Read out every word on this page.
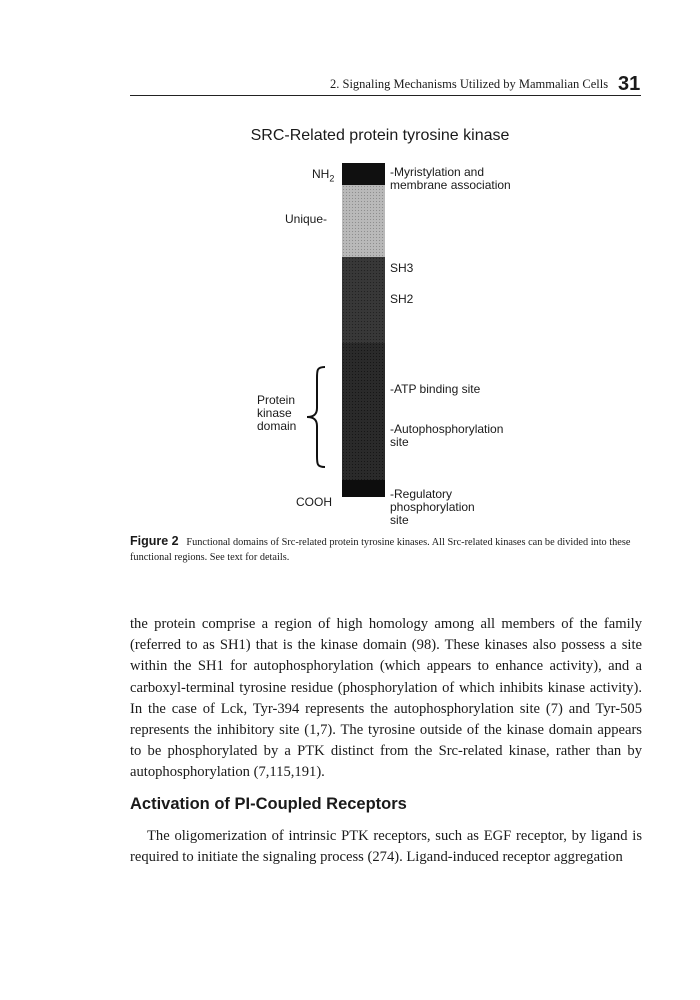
2. Signaling Mechanisms Utilized by Mammalian Cells 31
SRC-Related protein tyrosine kinase
$NH_2$
Unique-
-Myristylation and
membrane association
SH3
SH2
-ATP binding site
-Autophosphorylation
site
-Regulatory
phosphorylation
site
Protein
kinase
domain
COOH
Figure 2 Functional domains of Src-related protein tyrosine kinases. All Src-related kinases can be divided into these functional regions. See text for details.

the protein comprise a region of high homology among all members of the family (referred to as SH1) that is the kinase domain (98). These kinases also possess a site within the SH1 for autophosphorylation (which appears to enhance activity), and a carboxyl-terminal tyrosine residue (phosphorylation of which inhibits kinase activity). In the case of Lck, Tyr-394 represents the autophosphorylation site (7) and Tyr-505 represents the inhibitory site (1,7). The tyrosine outside of the kinase domain appears to be phosphorylated by a PTK distinct from the Src-related kinase, rather than by autophosphorylation (7,115,191).

Activation of PI-Coupled Receptors

The oligomerization of intrinsic PTK receptors, such as EGF receptor, by ligand is required to initiate the signaling process (274). Ligand-induced receptor aggregation
